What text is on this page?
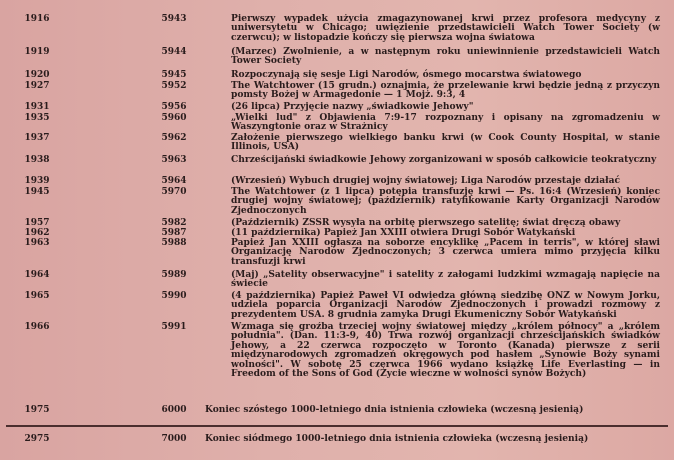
1916	5943	Pierwszy wypadek użycia zmagazynowanej krwi przez profesora medycyny z uniwersytetu w Chicago; uwięzienie przedstawicieli Watch Tower Society (w czerwcu); w listopadzie kończy się pierwsza wojna światowa
1919	5944	(Marzec) Zwolnienie, a w następnym roku uniewinnienie przedstawicieli Watch Tower Society
1920	5945	Rozpoczynają się sesje Ligi Narodów, ósmego mocarstwa światowego
1927	5952	The Watchtower (15 grudn.) oznajmia, że przelewanie krwi będzie jedną z przyczyn pomsty Bożej w Armagedonie — 1 Mojż. 9:3, 4
1931	5956	(26 lipca) Przyjęcie nazwy „świadkowie Jehowy"
1935	5960	„Wielki lud" z Objawienia 7:9-17 rozpoznany i opisany na zgromadzeniu w Waszyngtonie oraz w Strażnicy
1937	5962	Założenie pierwszego wielkiego banku krwi (w Cook County Hospital, w stanie Illinois, USA)
1938	5963	Chrześcijański świadkowie Jehowy zorganizowani w sposób całkowicie teokratyczny
1939	5964	(Wrzesień) Wybuch drugiej wojny światowej; Liga Narodów przestaje działać
1945	5970	The Watchtower (z 1 lipca) potępia transfuzję krwi — Ps. 16:4 (Wrzesień) koniec drugiej wojny światowej; (październik) ratyfikowanie Karty Organizacji Narodów Zjednoczonych
1957	5982	(Październik) ZSSR wysyła na orbitę pierwszego satelitę; świat dręczą obawy
1962	5987	(11 października) Papież Jan XXIII otwiera Drugi Sobór Watykański
1963	5988	Papież Jan XXIII ogłasza na soborze encyklikę „Pacem in terris", w której sławi Organizację Narodów Zjednoczonych; 3 czerwca umiera mimo przyjęcia kilku transfuzji krwi
1964	5989	(Maj) „Satelity obserwacyjne" i satelity z załogami ludzkimi wzmagają napięcie na świecie
1965	5990	(4 października) Papież Paweł VI odwiedza główną siedzibę ONZ w Nowym Jorku, udziela poparcia Organizacji Narodów Zjednoczonych i prowadzi rozmowy z prezydentem USA. 8 grudnia zamyka Drugi Ekumeniczny Sobór Watykański
1966	5991	Wzmaga się groźba trzeciej wojny światowej między „królem północy" a „królem południa". (Dan. 11:3-9, 40) Trwa rozwój organizacji chrześcijańskich świadków Jehowy, a 22 czerwca rozpoczęto w Toronto (Kanada) pierwsze z serii międzynarodowych zgromadzeń okręgowych pod hasłem „Synowie Boży synami wolności". W sobotę 25 czerwca 1966 wydano książkę Life Everlasting — in Freedom of the Sons of God (Życie wieczne w wolności synów Bożych)
1975	6000	Koniec szóstego 1000-letniego dnia istnienia człowieka (wczesną jesienią)
2975	7000	Koniec siódmego 1000-letniego dnia istnienia człowieka (wczesną jesienią)
